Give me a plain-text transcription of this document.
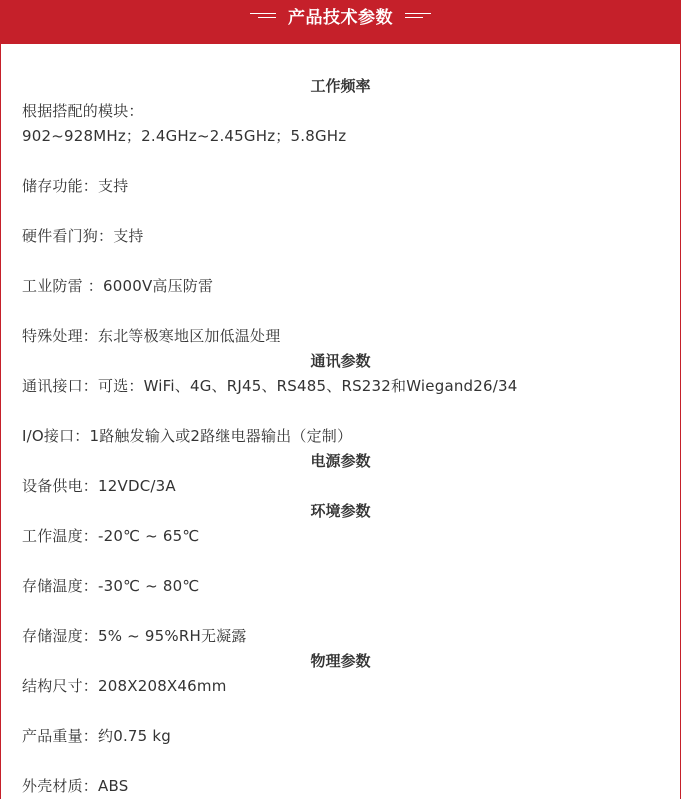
产品技术参数
工作频率
根据搭配的模块：
902~928MHz；2.4GHz~2.45GHz；5.8GHz
储存功能：支持
硬件看门狗：支持
工业防雷 ：6000V高压防雷
特殊处理：东北等极寒地区加低温处理
通讯参数
通讯接口：可选：WiFi、4G、RJ45、RS485、RS232和Wiegand26/34
I/O接口：1路触发输入或2路继电器输出（定制）
电源参数
设备供电：12VDC/3A
环境参数
工作温度：-20℃ ~ 65℃
存储温度：-30℃ ~ 80℃
存储湿度：5% ~ 95%RH无凝露
物理参数
结构尺寸：208X208X46mm
产品重量：约0.75 kg
外壳材质：ABS
